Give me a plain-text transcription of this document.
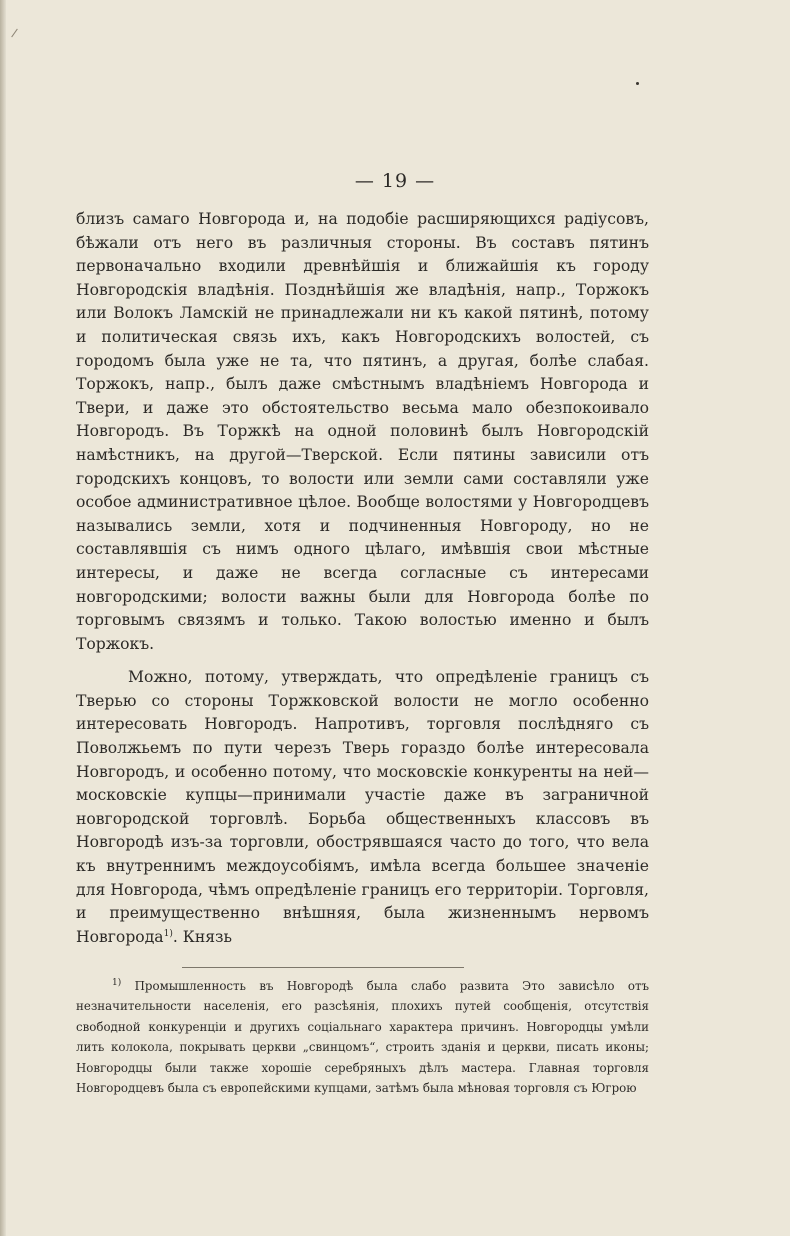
— 19 —

близъ самаго Новгорода и, на подобіе расширяющихся радіусовъ, бѣжали отъ него въ различныя стороны. Въ составъ пятинъ первоначально входили древнѣйшія и ближайшія къ городу Новгородскія владѣнія. Позднѣйшія же владѣнія, напр., Торжокъ или Волокъ Ламскій не принадлежали ни къ какой пятинѣ, потому и политическая связь ихъ, какъ Новгородскихъ волостей, съ городомъ была уже не та, что пятинъ, а другая, болѣе слабая. Торжокъ, напр., былъ даже смѣстнымъ владѣніемъ Новгорода и Твери, и даже это обстоятельство весьма мало обезпокоивало Новгородъ. Въ Торжкѣ на одной половинѣ былъ Новгородскій намѣстникъ, на другой—Тверской. Если пятины зависили отъ городскихъ концовъ, то волости или земли сами составляли уже особое административное цѣлое. Вообще волостями у Новгородцевъ назывались земли, хотя и подчиненныя Новгороду, но не составлявшія съ нимъ одного цѣлаго, имѣвшія свои мѣстные интересы, и даже не всегда согласные съ интересами новгородскими; волости важны были для Новгорода болѣе по торговымъ связямъ и только. Такою волостью именно и былъ Торжокъ.

Можно, потому, утверждать, что опредѣленіе границъ съ Тверью со стороны Торжковской волости не могло особенно интересовать Новгородъ. Напротивъ, торговля послѣдняго съ Поволжьемъ по пути черезъ Тверь гораздо болѣе интересовала Новгородъ, и особенно потому, что московскіе конкуренты на ней—московскіе купцы—принимали участіе даже въ заграничной новгородской торговлѣ. Борьба общественныхъ классовъ въ Новгородѣ изъ-за торговли, обострявшаяся часто до того, что вела къ внутреннимъ междоусобіямъ, имѣла всегда большее значеніе для Новгорода, чѣмъ опредѣленіе границъ его территоріи. Торговля, и преимущественно внѣшняя, была жизненнымъ нервомъ Новгорода$^{1)}$. Князь

$^{1)}$ Промышленность въ Новгородѣ была слабо развита Это зависѣло отъ незначительности населенія, его разсѣянія, плохихъ путей сообщенія, отсутствія свободной конкуренціи и другихъ соціальнаго характера причинъ. Новгородцы умѣли лить колокола, покрывать церкви „свинцомъ“, строить зданія и церкви, писать иконы; Новгородцы были также хорошіе серебряныхъ дѣлъ мастера. Главная торговля Новгородцевъ была съ европейскими купцами, затѣмъ была мѣновая торговля съ Югрою
